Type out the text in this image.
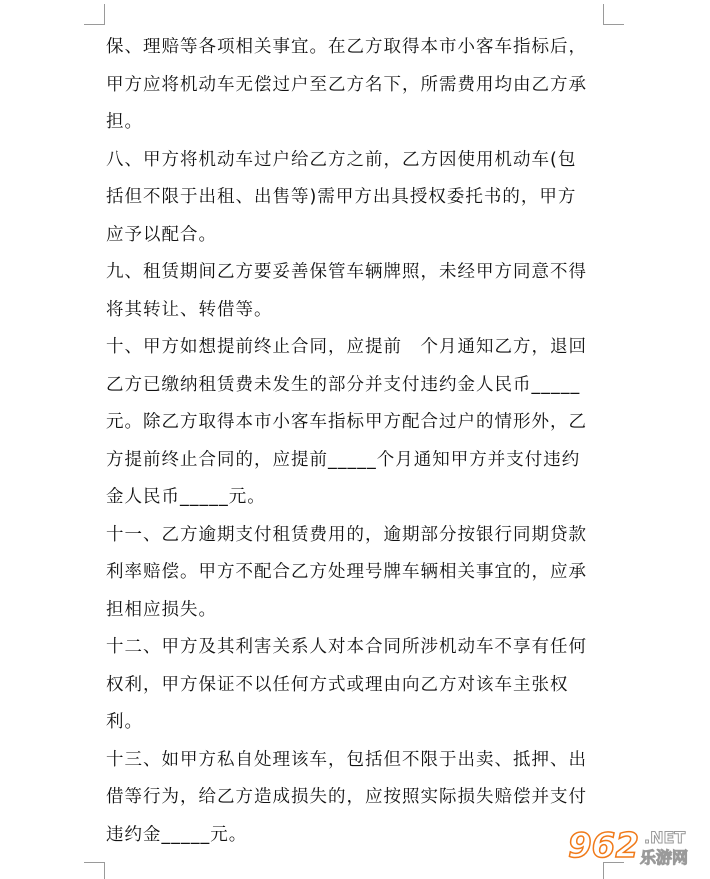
保、理赔等各项相关事宜。在乙方取得本市小客车指标后，
甲方应将机动车无偿过户至乙方名下，所需费用均由乙方承
担。

八、甲方将机动车过户给乙方之前，乙方因使用机动车(包
括但不限于出租、出售等)需甲方出具授权委托书的，甲方
应予以配合。

九、租赁期间乙方要妥善保管车辆牌照，未经甲方同意不得
将其转让、转借等。

十、甲方如想提前终止合同，应提前　个月通知乙方，退回
乙方已缴纳租赁费未发生的部分并支付违约金人民币_____
元。除乙方取得本市小客车指标甲方配合过户的情形外，乙
方提前终止合同的，应提前_____个月通知甲方并支付违约
金人民币_____元。

十一、乙方逾期支付租赁费用的，逾期部分按银行同期贷款
利率赔偿。甲方不配合乙方处理号牌车辆相关事宜的，应承
担相应损失。

十二、甲方及其利害关系人对本合同所涉机动车不享有任何
权利，甲方保证不以任何方式或理由向乙方对该车主张权
利。

十三、如甲方私自处理该车，包括但不限于出卖、抵押、出
借等行为，给乙方造成损失的，应按照实际损失赔偿并支付
违约金_____元。	962 .NET
乐游网
